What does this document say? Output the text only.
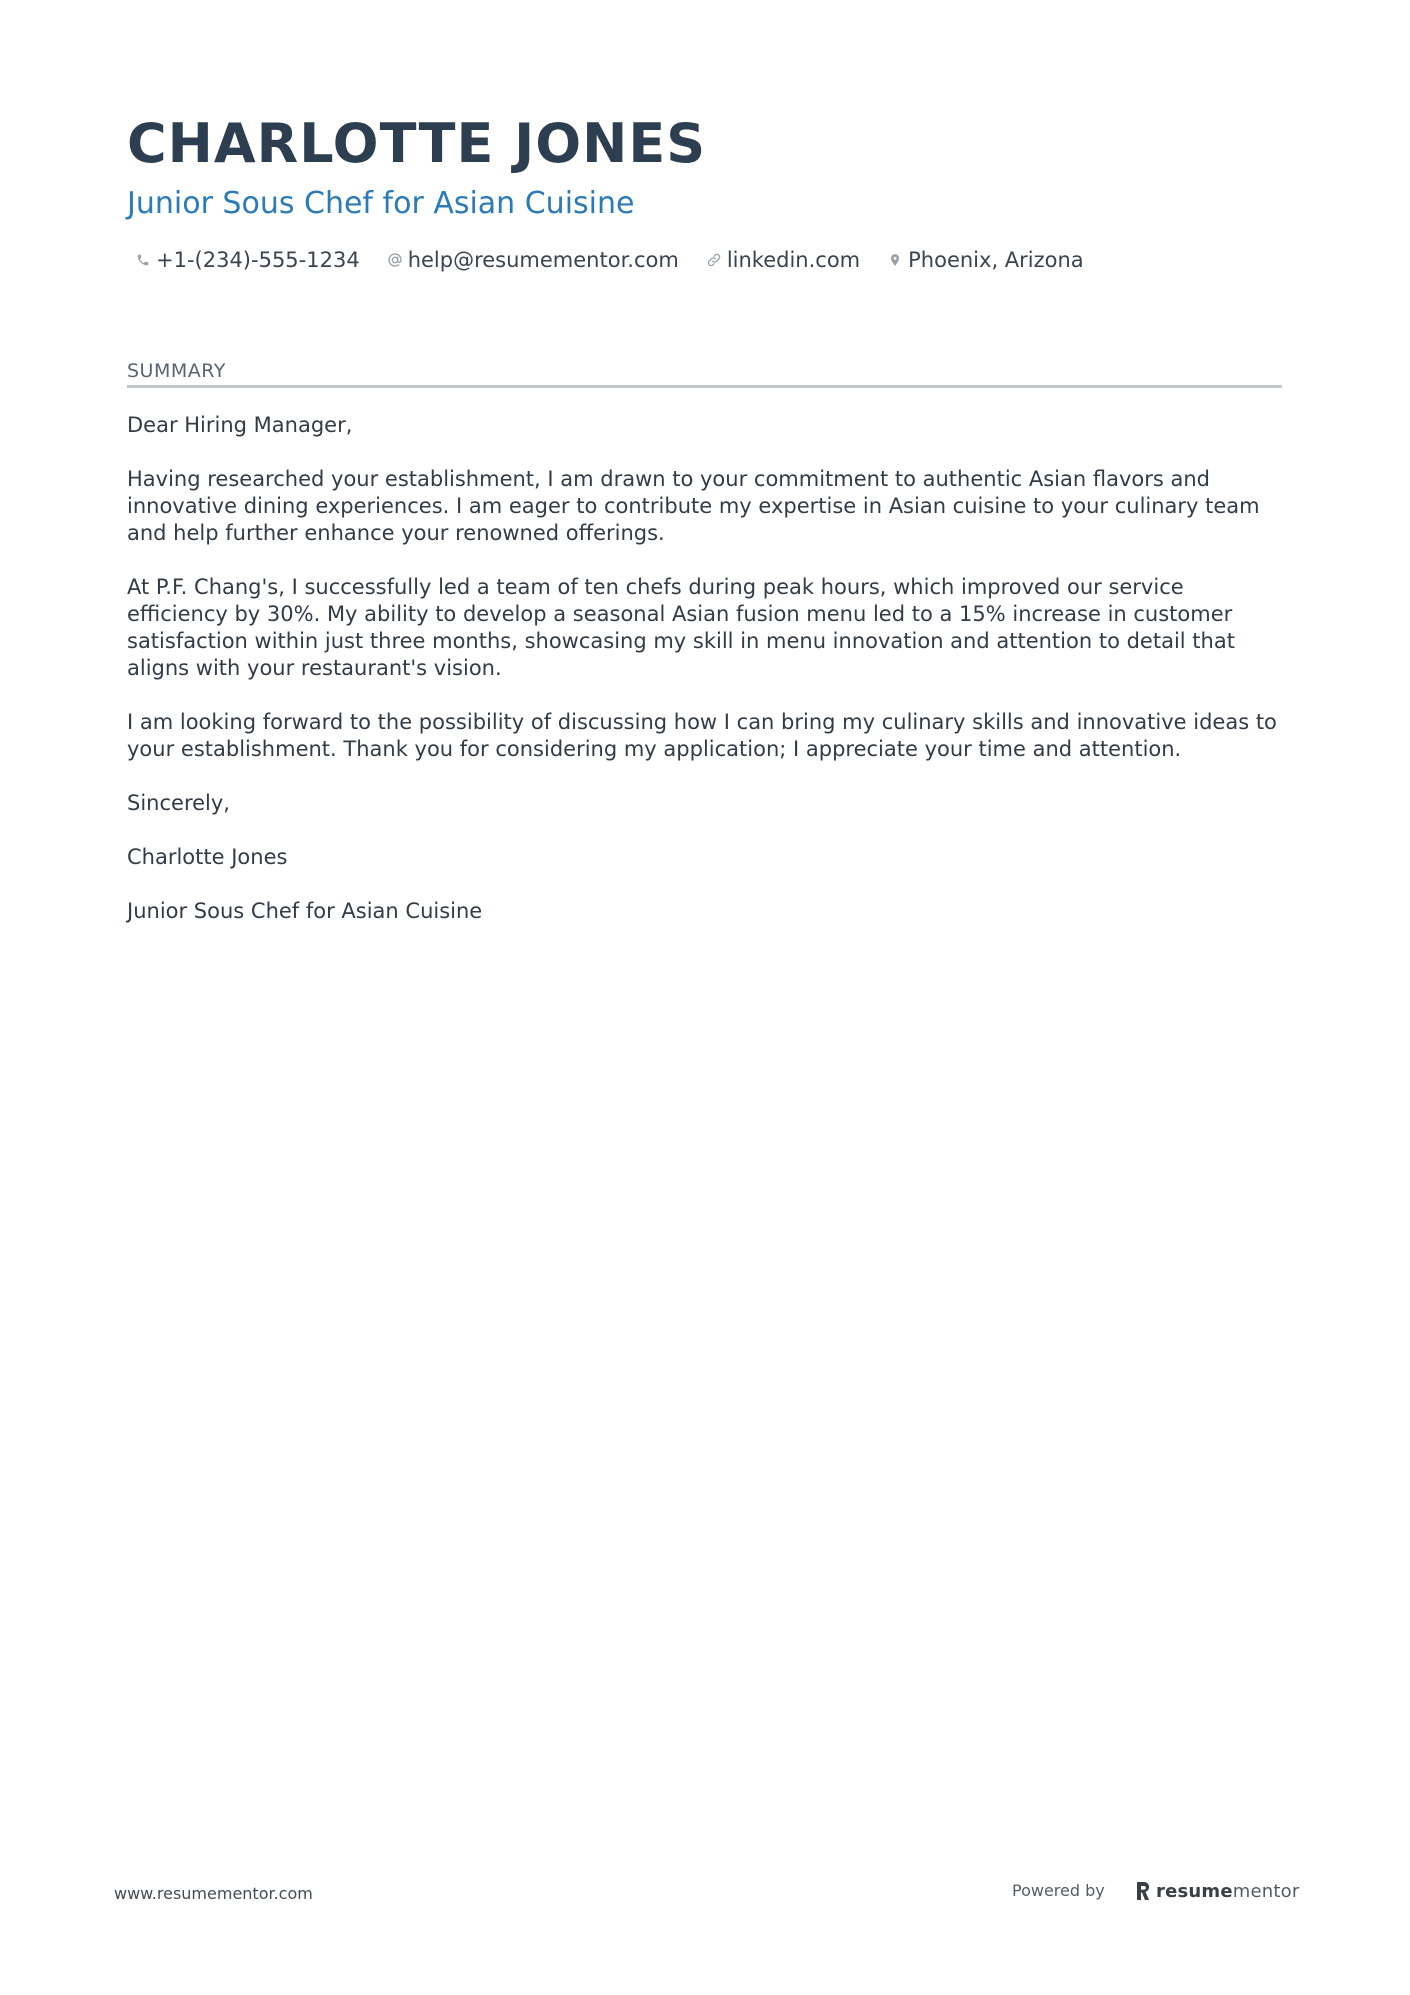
CHARLOTTE JONES
Junior Sous Chef for Asian Cuisine
+1-(234)-555-1234 help@resumementor.com linkedin.com Phoenix, Arizona
SUMMARY

Dear Hiring Manager,

Having researched your establishment, I am drawn to your commitment to authentic Asian flavors and innovative dining experiences. I am eager to contribute my expertise in Asian cuisine to your culinary team and help further enhance your renowned offerings.

At P.F. Chang's, I successfully led a team of ten chefs during peak hours, which improved our service efficiency by 30%. My ability to develop a seasonal Asian fusion menu led to a 15% increase in customer satisfaction within just three months, showcasing my skill in menu innovation and attention to detail that aligns with your restaurant's vision.

I am looking forward to the possibility of discussing how I can bring my culinary skills and innovative ideas to your establishment. Thank you for considering my application; I appreciate your time and attention.

Sincerely,

Charlotte Jones

Junior Sous Chef for Asian Cuisine

www.resumementor.com	Powered by	resumementor
